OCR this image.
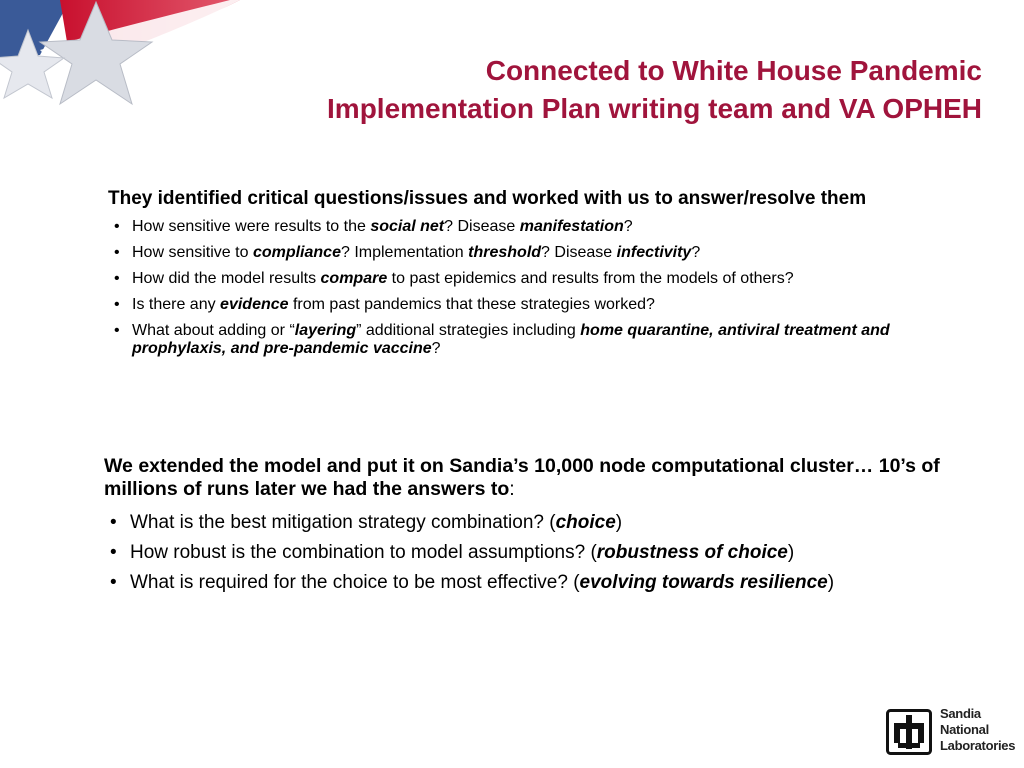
Connected to White House Pandemic
Implementation Plan writing team and VA OPHEH
They identified critical questions/issues and worked with us to answer/resolve them
• How sensitive were results to the social net? Disease manifestation?
• How sensitive to compliance? Implementation threshold? Disease infectivity?
• How did the model results compare to past epidemics and results from the models of others?
• Is there any evidence from past pandemics that these strategies worked?
• What about adding or “layering” additional strategies including home quarantine, antiviral treatment and prophylaxis, and pre-pandemic vaccine?
We extended the model and put it on Sandia’s 10,000 node computational cluster… 10’s of millions of runs later we had the answers to:
• What is the best mitigation strategy combination? (choice)
• How robust is the combination to model assumptions? (robustness of choice)
• What is required for the choice to be most effective? (evolving towards resilience)
Sandia
National
Laboratories
